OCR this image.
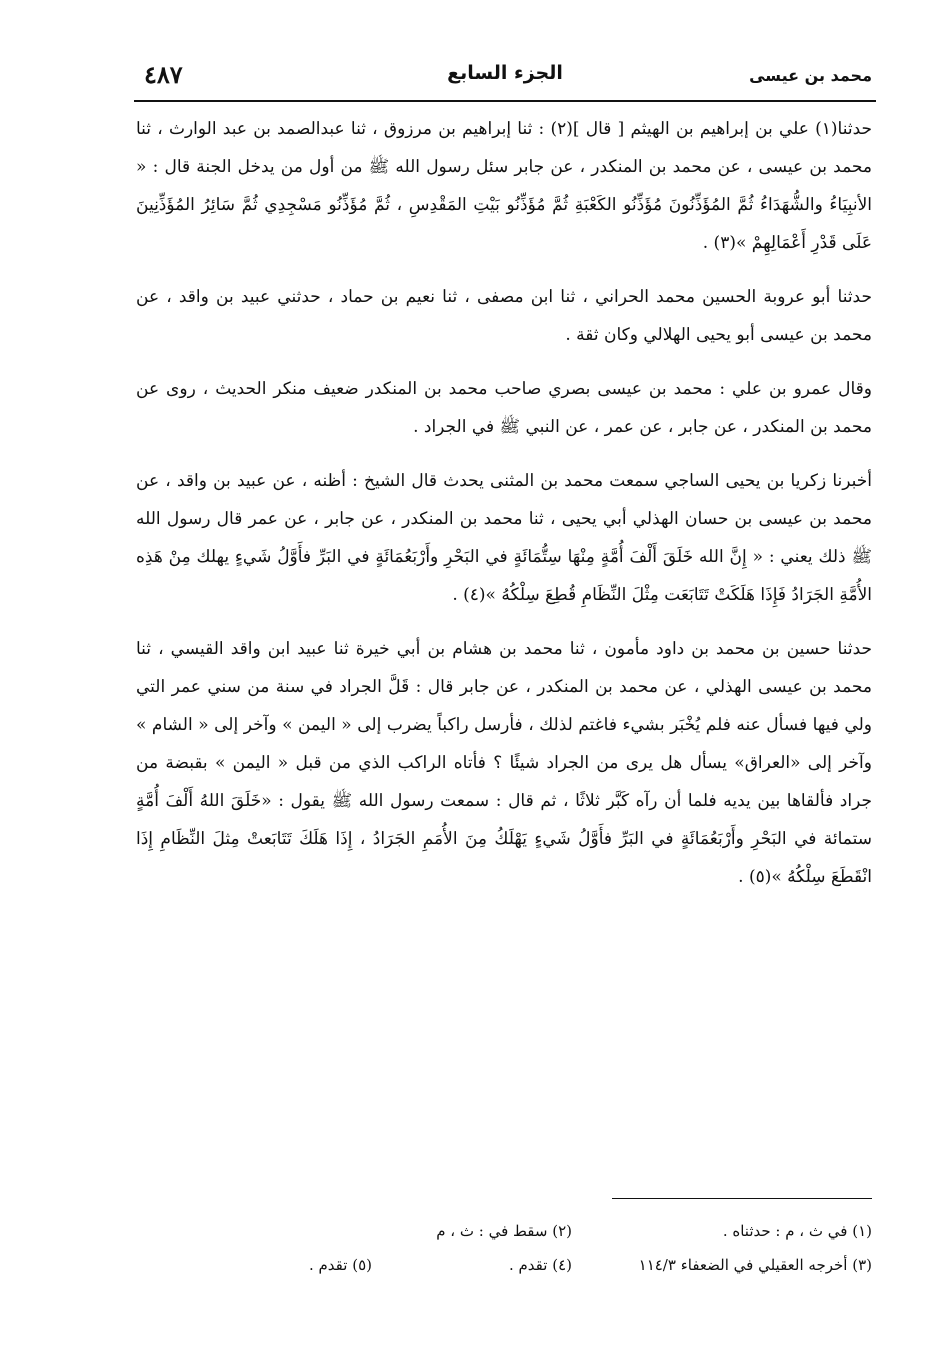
٤٨٧	الجزء السابع	محمد بن عيسى

حدثنا(١) علي بن إبراهيم بن الهيثم [ قال ](٢) : ثنا إبراهيم بن مرزوق ، ثنا عبدالصمد بن عبد الوارث ، ثنا محمد بن عيسى ، عن محمد بن المنكدر ، عن جابر سئل رسول الله ﷺ من أول من يدخل الجنة قال : « الأنبِيَاءُ والشُّهَدَاءُ ثُمَّ المُؤَذِّنُونَ مُؤَذِّنُو الكَعْبَةِ ثُمَّ مُؤَذِّنُو بَيْتِ المَقْدِسِ ، ثُمَّ مُؤَذِّنُو مَسْجِدِي ثُمَّ سَائِرُ المُؤَذِّنِينَ عَلَى قَدْرِ أَعْمَالِهِمْ »(٣) .

حدثنا أبو عروبة الحسين محمد الحراني ، ثنا ابن مصفى ، ثنا نعيم بن حماد ، حدثني عبيد بن واقد ، عن محمد بن عيسى أبو يحيى الهلالي وكان ثقة .

وقال عمرو بن علي : محمد بن عيسى بصري صاحب محمد بن المنكدر ضعيف منكر الحديث ، روى عن محمد بن المنكدر ، عن جابر ، عن عمر ، عن النبي ﷺ في الجراد .

أخبرنا زكريا بن يحيى الساجي سمعت محمد بن المثنى يحدث قال الشيخ : أظنه ، عن عبيد بن واقد ، عن محمد بن عيسى بن حسان الهذلي أبي يحيى ، ثنا محمد بن المنكدر ، عن جابر ، عن عمر قال رسول الله ﷺ ذلك يعني : « إِنَّ الله خَلَقَ أَلْفَ أُمَّةٍ مِنْهَا سِتُّمَائَةٍ في البَحْرِ وأَرْبَعُمَائَةٍ في البَرِّ فأَوَّلُ شَيءٍ يهلك مِنْ هَذِه الأُمَّةِ الجَرَادُ فَإِذَا هَلَكَتْ تَتَابَعَت مِثْلَ النِّظَامِ قُطِعَ سِلْكُهُ »(٤) .

حدثنا حسين بن محمد بن داود مأمون ، ثنا محمد بن هشام بن أبي خيرة ثنا عبيد ابن واقد القيسي ، ثنا محمد بن عيسى الهذلي ، عن محمد بن المنكدر ، عن جابر قال : قَلَّ الجراد في سنة من سني عمر التي ولي فيها فسأل عنه فلم يُخْبَر بشيء فاغتم لذلك ، فأرسل راكباً يضرب إلى « اليمن » وآخر إلى « الشام » وآخر إلى «العراق» يسأل هل يرى من الجراد شيئًا ؟ فأتاه الراكب الذي من قبل « اليمن » بقبضة من جراد فألقاها بين يديه فلما أن رآه كَبَّر ثلاثًا ، ثم قال : سمعت رسول الله ﷺ يقول : «خَلَقَ اللهُ أَلْفَ أُمَّةٍ ستمائة في البَحْرِ وأَرْبَعُمَائَةٍ في البَرِّ فأَوَّلُ شَيءٍ يَهْلَكُ مِنَ الأُمَمِ الجَرَادُ ، إِذَا هَلَكَ تَتَابَعتْ مِثلَ النِّظَامِ إِذَا انْقَطَعَ سِلْكُهُ »(٥) .

(١) في ث ، م : حدثناه .
(٢) سقط في : ث ، م
(٣) أخرجه العقيلي في الضعفاء ١١٤/٣
(٤) تقدم .
(٥) تقدم .
